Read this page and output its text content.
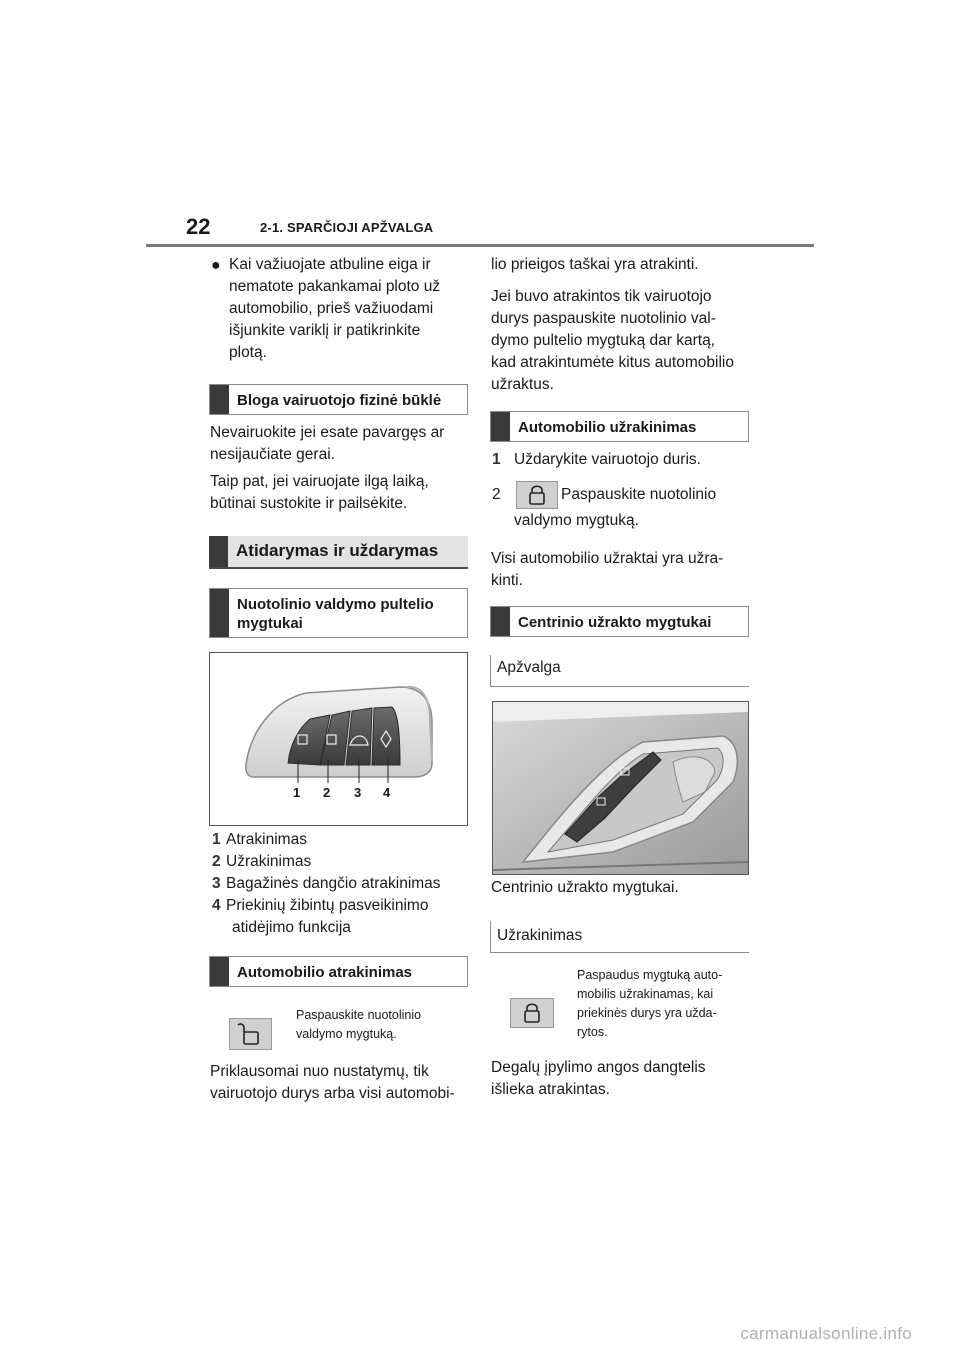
22	2-1. SPARČIOJI APŽVALGA
● Kai važiuojate atbuline eiga ir
nematote pakankamai ploto už
automobilio, prieš važiuodami
išjunkite variklį ir patikrinkite
plotą.
Bloga vairuotojo fizinė būklė
Nevairuokite jei esate pavargęs ar
nesijaučiate gerai.
Taip pat, jei vairuojate ilgą laiką,
būtinai sustokite ir pailsėkite.
Atidarymas ir uždarymas
Nuotolinio valdymo pultelio
mygtukai
1 2 3 4
1 Atrakinimas
2 Užrakinimas
3 Bagažinės dangčio atrakinimas
4 Priekinių žibintų pasveikinimo
atidėjimo funkcija
Automobilio atrakinimas
Paspauskite nuotolinio
valdymo mygtuką.
Priklausomai nuo nustatymų, tik
vairuotojo durys arba visi automobi-
lio prieigos taškai yra atrakinti.
Jei buvo atrakintos tik vairuotojo
durys paspauskite nuotolinio val-
dymo pultelio mygtuką dar kartą,
kad atrakintumėte kitus automobilio
užraktus.
Automobilio užrakinimas
1 Uždarykite vairuotojo duris.
2	Paspauskite nuotolinio
valdymo mygtuką.
Visi automobilio užraktai yra užra-
kinti.
Centrinio užrakto mygtukai
Apžvalga
Centrinio užrakto mygtukai.
Užrakinimas
Paspaudus mygtuką auto-
mobilis užrakinamas, kai
priekinės durys yra užda-
rytos.
Degalų įpylimo angos dangtelis
išlieka atrakintas.
carmanualsonline.info
